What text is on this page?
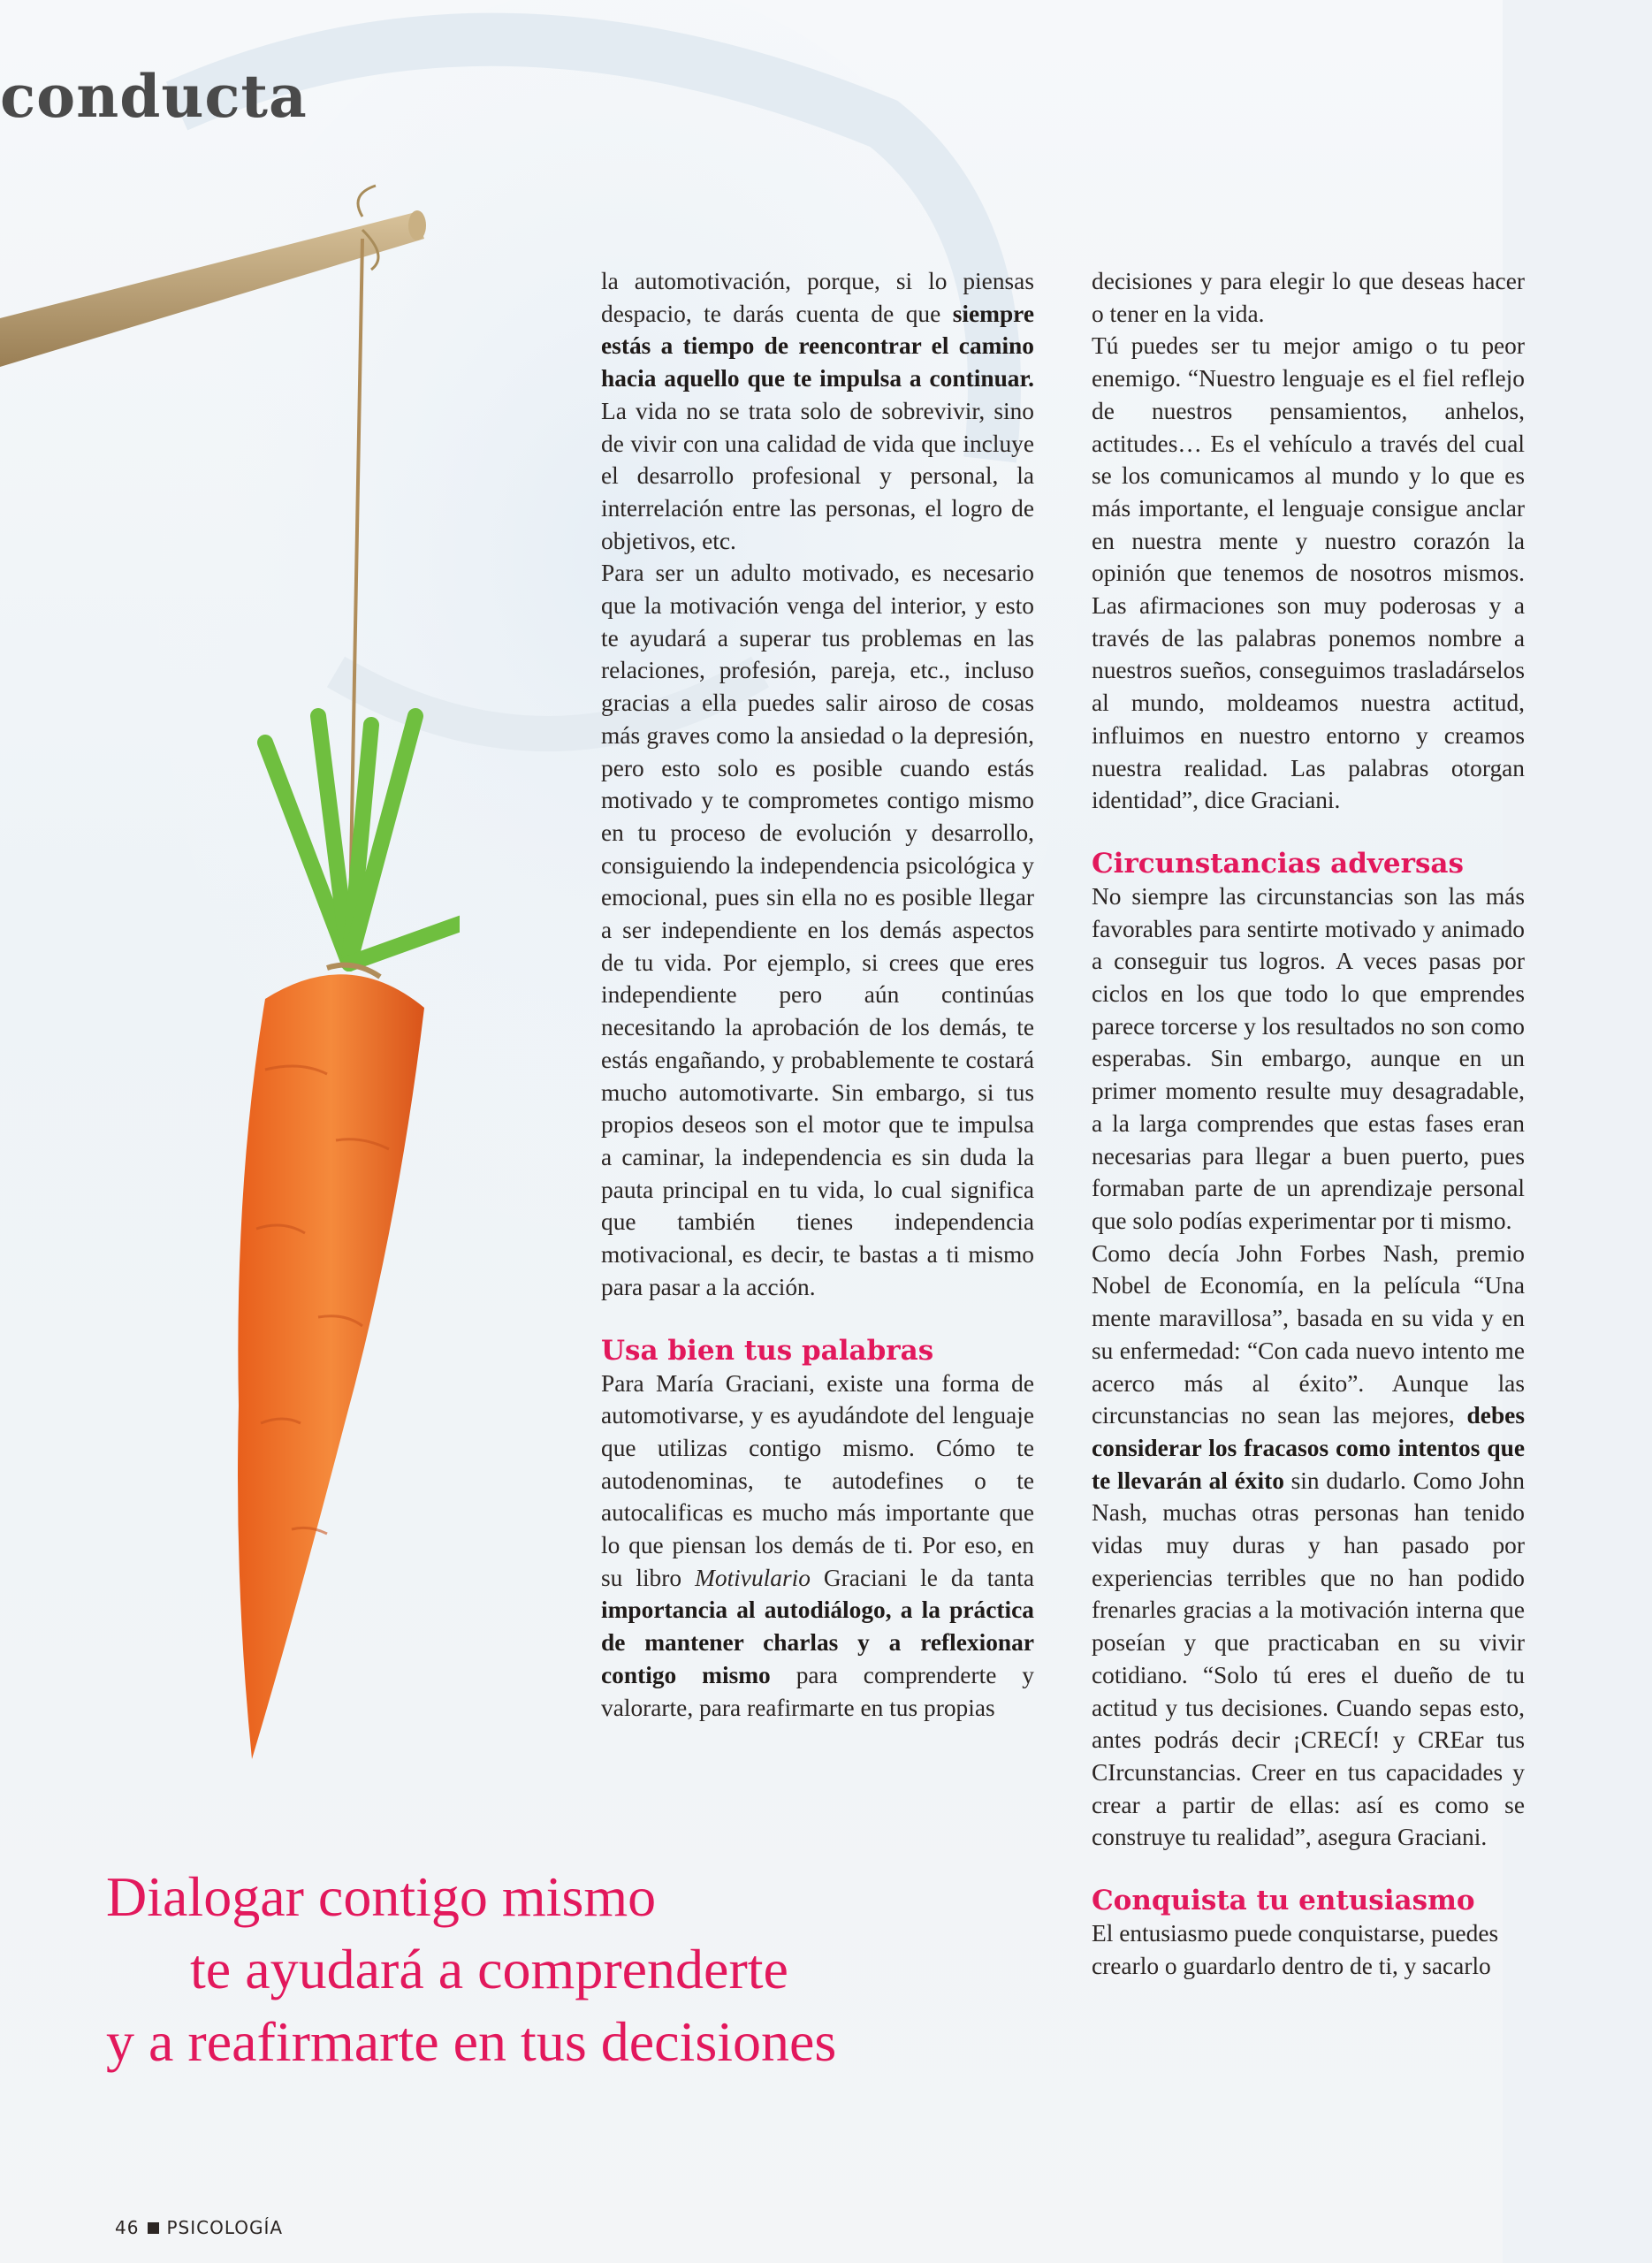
conducta

la automotivación, porque, si lo piensas despacio, te darás cuenta de que siempre estás a tiempo de reencontrar el camino hacia aquello que te impulsa a continuar. La vida no se trata solo de sobrevivir, sino de vivir con una calidad de vida que incluye el desarrollo profesional y personal, la interrelación entre las personas, el logro de objetivos, etc.

Para ser un adulto motivado, es necesario que la motivación venga del interior, y esto te ayudará a superar tus problemas en las relaciones, profesión, pareja, etc., incluso gracias a ella puedes salir airoso de cosas más graves como la ansiedad o la depresión, pero esto solo es posible cuando estás motivado y te comprometes contigo mismo en tu proceso de evolución y desarrollo, consiguiendo la independencia psicológica y emocional, pues sin ella no es posible llegar a ser independiente en los demás aspectos de tu vida. Por ejemplo, si crees que eres independiente pero aún continúas necesitando la aprobación de los demás, te estás engañando, y probablemente te costará mucho automotivarte. Sin embargo, si tus propios deseos son el motor que te impulsa a caminar, la independencia es sin duda la pauta principal en tu vida, lo cual significa que también tienes independencia motivacional, es decir, te bastas a ti mismo para pasar a la acción.

Usa bien tus palabras

Para María Graciani, existe una forma de automotivarse, y es ayudándote del lenguaje que utilizas contigo mismo. Cómo te autodenominas, te autodefines o te autocalificas es mucho más importante que lo que piensan los demás de ti. Por eso, en su libro Motivulario Graciani le da tanta importancia al autodiálogo, a la práctica de mantener charlas y a reflexionar contigo mismo para comprenderte y valorarte, para reafirmarte en tus propias

decisiones y para elegir lo que deseas hacer o tener en la vida.

Tú puedes ser tu mejor amigo o tu peor enemigo. “Nuestro lenguaje es el fiel reflejo de nuestros pensamientos, anhelos, actitudes… Es el vehículo a través del cual se los comunicamos al mundo y lo que es más importante, el lenguaje consigue anclar en nuestra mente y nuestro corazón la opinión que tenemos de nosotros mismos. Las afirmaciones son muy poderosas y a través de las palabras ponemos nombre a nuestros sueños, conseguimos trasladárselos al mundo, moldeamos nuestra actitud, influimos en nuestro entorno y creamos nuestra realidad. Las palabras otorgan identidad”, dice Graciani.

Circunstancias adversas

No siempre las circunstancias son las más favorables para sentirte motivado y animado a conseguir tus logros. A veces pasas por ciclos en los que todo lo que emprendes parece torcerse y los resultados no son como esperabas. Sin embargo, aunque en un primer momento resulte muy desagradable, a la larga comprendes que estas fases eran necesarias para llegar a buen puerto, pues formaban parte de un aprendizaje personal que solo podías experimentar por ti mismo.

Como decía John Forbes Nash, premio Nobel de Economía, en la película “Una mente maravillosa”, basada en su vida y en su enfermedad: “Con cada nuevo intento me acerco más al éxito”. Aunque las circunstancias no sean las mejores, debes considerar los fracasos como intentos que te llevarán al éxito sin dudarlo. Como John Nash, muchas otras personas han tenido vidas muy duras y han pasado por experiencias terribles que no han podido frenarles gracias a la motivación interna que poseían y que practicaban en su vivir cotidiano. “Solo tú eres el dueño de tu actitud y tus decisiones. Cuando sepas esto, antes podrás decir ¡CRECÍ! y CREar tus CIrcunstancias. Creer en tus capacidades y crear a partir de ellas: así es como se construye tu realidad”, asegura Graciani.

Conquista tu entusiasmo

El entusiasmo puede conquistarse, puedes crearlo o guardarlo dentro de ti, y sacarlo

Dialogar contigo mismo
te ayudará a comprenderte
y a reafirmarte en tus decisiones
46 PSICOLOGÍA
